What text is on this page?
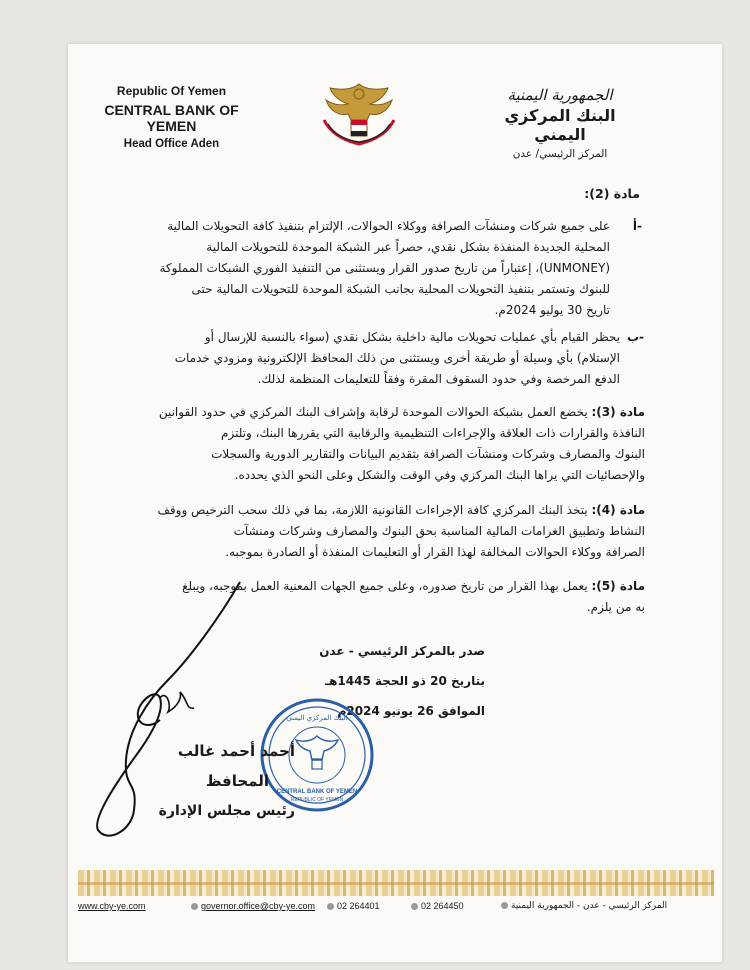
Republic Of Yemen
CENTRAL BANK OF YEMEN
Head Office Aden
الجمهورية اليمنية
البنك المركزي اليمني
المركز الرئيسي/ عدن
مادة (2):
أ-
على جميع شركات ومنشآت الصرافة ووكلاء الحوالات، الإلتزام بتنفيذ كافة التحويلات المالية
المحلية الجديدة المنفذة بشكل نقدي، حصراً عبر الشبكة الموحدة للتحويلات المالية
(UNMONEY)، إعتباراً من تاريخ صدور القرار ويستثنى من التنفيذ الفوري الشبكات المملوكة
للبنوك وتستمر بتنفيذ التحويلات المحلية بجانب الشبكة الموحدة للتحويلات المالية حتى
تاريخ 30 يوليو 2024م.
ب-
يحظر القيام بأي عمليات تحويلات مالية داخلية بشكل نقدي (سواء بالنسبة للإرسال أو
الإستلام) بأي وسيلة أو طريقة أخرى ويستثنى من ذلك المحافظ الإلكترونية ومزودي خدمات
الدفع المرخصة وفي حدود السقوف المقرة وفقاً للتعليمات المنظمة لذلك.
مادة (3): يخضع العمل بشبكة الحوالات الموحدة لرقابة وإشراف البنك المركزي في حدود القوانين
النافذة والقرارات ذات العلاقة والإجراءات التنظيمية والرقابية التي يقررها البنك، وتلتزم
البنوك والمصارف وشركات ومنشآت الصرافة بتقديم البيانات والتقارير الدورية والسجلات
والإحصائيات التي يراها البنك المركزي وفي الوقت والشكل وعلى النحو الذي يحدده.
مادة (4): يتخذ البنك المركزي كافة الإجراءات القانونية اللازمة، بما في ذلك سحب الترخيص ووقف
النشاط وتطبيق الغرامات المالية المناسبة بحق البنوك والمصارف وشركات ومنشآت
الصرافة ووكلاء الحوالات المخالفة لهذا القرار أو التعليمات المنفذة أو الصادرة بموجبه.
مادة (5): يعمل بهذا القرار من تاريخ صدوره، وعلى جميع الجهات المعنية العمل بموجبه، ويبلغ
به من يلزم.
صدر بالمركز الرئيسي - عدن
بتاريخ 20 ذو الحجة 1445هـ
الموافق 26 يونيو 2024م
البنك المركزي اليمني
CENTRAL BANK OF YEMEN
REPUBLIC OF YEMEN
أحمد أحمد غالب
المحافظ
رئيس مجلس الإدارة
www.cby-ye.com	governor.office@cby-ye.com	02 264401	02 264450	المركز الرئيسي - عدن - الجمهورية اليمنية
